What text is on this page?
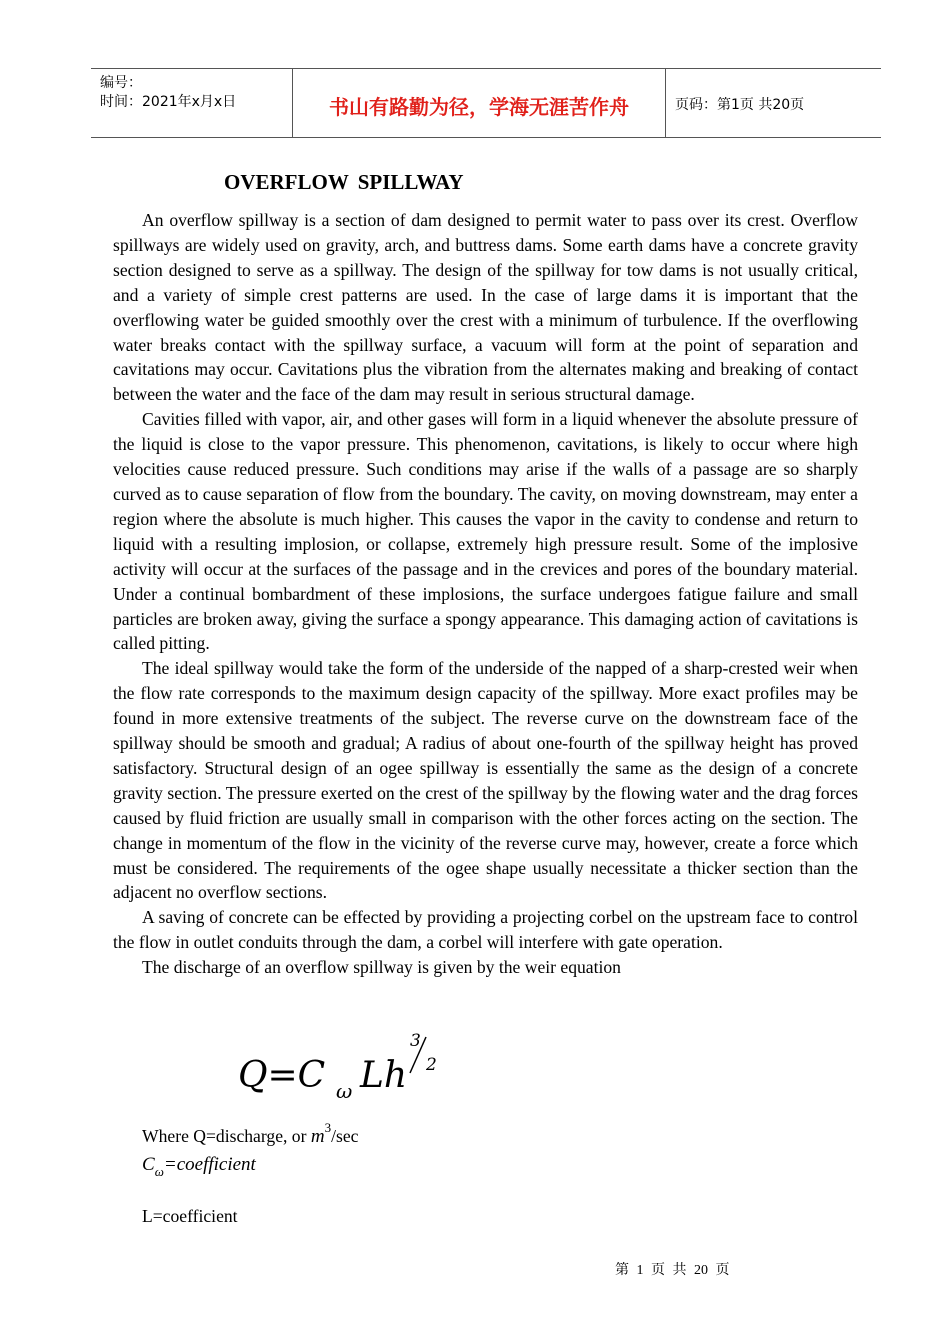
编号：
时间：2021年x月x日	书山有路勤为径，学海无涯苦作舟	页码：第1页 共20页
OVERFLOW SPILLWAY

An overflow spillway is a section of dam designed to permit water to pass over its crest. Overflow spillways are widely used on gravity, arch, and buttress dams. Some earth dams have a concrete gravity section designed to serve as a spillway. The design of the spillway for tow dams is not usually critical, and a variety of simple crest patterns are used. In the case of large dams it is important that the overflowing water be guided smoothly over the crest with a minimum of turbulence. If the overflowing water breaks contact with the spillway surface, a vacuum will form at the point of separation and cavitations may occur. Cavitations plus the vibration from the alternates making and breaking of contact between the water and the face of the dam may result in serious structural damage.

Cavities filled with vapor, air, and other gases will form in a liquid whenever the absolute pressure of the liquid is close to the vapor pressure. This phenomenon, cavitations, is likely to occur where high velocities cause reduced pressure. Such conditions may arise if the walls of a passage are so sharply curved as to cause separation of flow from the boundary. The cavity, on moving downstream, may enter a region where the absolute is much higher. This causes the vapor in the cavity to condense and return to liquid with a resulting implosion, or collapse, extremely high pressure result. Some of the implosive activity will occur at the surfaces of the passage and in the crevices and pores of the boundary material. Under a continual bombardment of these implosions, the surface undergoes fatigue failure and small particles are broken away, giving the surface a spongy appearance. This damaging action of cavitations is called pitting.

The ideal spillway would take the form of the underside of the napped of a sharp-crested weir when the flow rate corresponds to the maximum design capacity of the spillway. More exact profiles may be found in more extensive treatments of the subject. The reverse curve on the downstream face of the spillway should be smooth and gradual; A radius of about one-fourth of the spillway height has proved satisfactory. Structural design of an ogee spillway is essentially the same as the design of a concrete gravity section. The pressure exerted on the crest of the spillway by the flowing water and the drag forces caused by fluid friction are usually small in comparison with the other forces acting on the section. The change in momentum of the flow in the vicinity of the reverse curve may, however, create a force which must be considered. The requirements of the ogee shape usually necessitate a thicker section than the adjacent no overflow sections.

A saving of concrete can be effected by providing a projecting corbel on the upstream face to control the flow in outlet conduits through the dam, a corbel will interfere with gate operation.

The discharge of an overflow spillway is given by the weir equation

Q=C ω Lh
3
2
Where Q=discharge, or $m^3/\sec$
$C_\omega=coefficient$
L=coefficient
第 1 页 共 20 页
